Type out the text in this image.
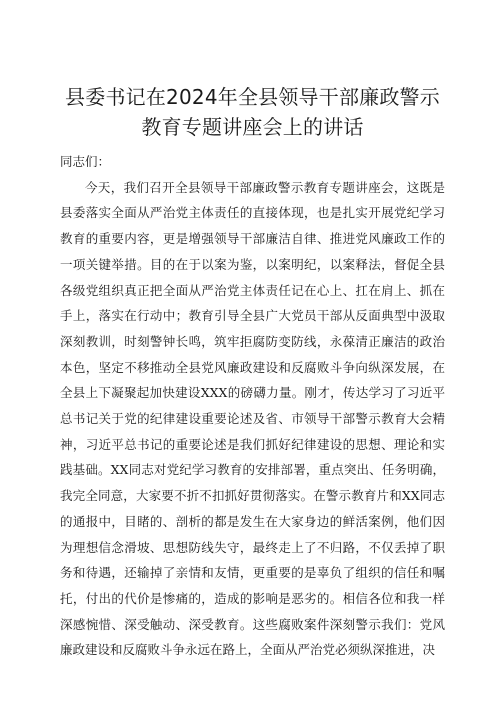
县委书记在2024年全县领导干部廉政警示教育专题讲座会上的讲话

同志们：

今天，我们召开全县领导干部廉政警示教育专题讲座会，这既是县委落实全面从严治党主体责任的直接体现，也是扎实开展党纪学习教育的重要内容，更是增强领导干部廉洁自律、推进党风廉政工作的一项关键举措。目的在于以案为鉴，以案明纪，以案释法，督促全县各级党组织真正把全面从严治党主体责任记在心上、扛在肩上、抓在手上，落实在行动中；教育引导全县广大党员干部从反面典型中汲取深刻教训，时刻警钟长鸣，筑牢拒腐防变防线，永葆清正廉洁的政治本色，坚定不移推动全县党风廉政建设和反腐败斗争向纵深发展，在全县上下凝聚起加快建设XXX的磅礴力量。刚才，传达学习了习近平总书记关于党的纪律建设重要论述及省、市领导干部警示教育大会精神，习近平总书记的重要论述是我们抓好纪律建设的思想、理论和实践基础。XX同志对党纪学习教育的安排部署，重点突出、任务明确，我完全同意，大家要不折不扣抓好贯彻落实。在警示教育片和XX同志的通报中，目睹的、剖析的都是发生在大家身边的鲜活案例，他们因为理想信念滑坡、思想防线失守，最终走上了不归路，不仅丢掉了职务和待遇，还输掉了亲情和友情，更重要的是辜负了组织的信任和嘱托，付出的代价是惨痛的，造成的影响是恶劣的。相信各位和我一样深感惋惜、深受触动、深受教育。这些腐败案件深刻警示我们：党风廉政建设和反腐败斗争永远在路上，全面从严治党必须纵深推进，决
